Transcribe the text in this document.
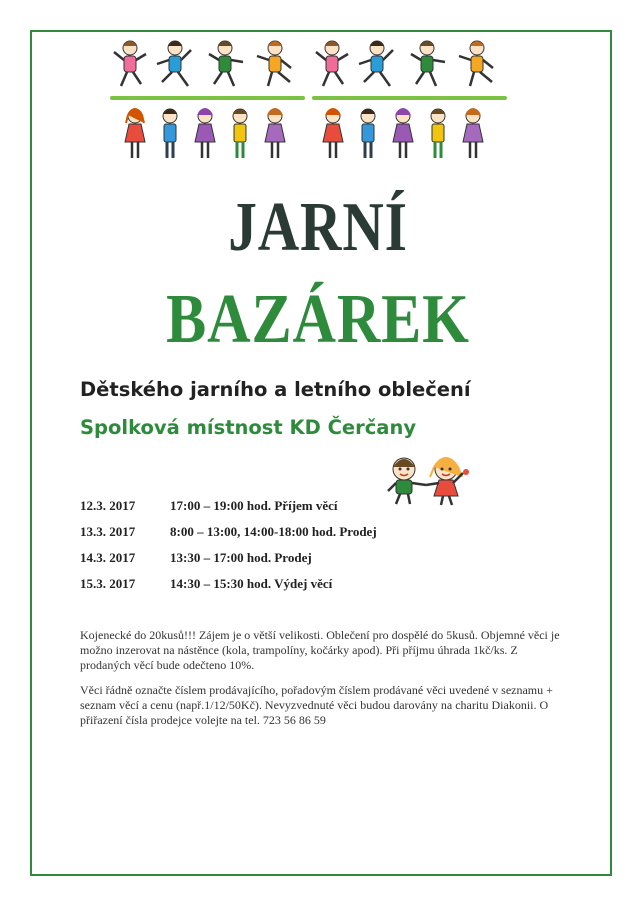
JARNÍ
BAZÁREK
Dětského jarního a letního oblečení
Spolková místnost KD Čerčany
12.3. 2017	17:00 – 19:00 hod. Příjem věcí
13.3. 2017	8:00 – 13:00, 14:00-18:00 hod. Prodej
14.3. 2017	13:30 – 17:00 hod. Prodej
15.3. 2017	14:30 – 15:30 hod. Výdej věcí

Kojenecké do 20kusů!!! Zájem je o větší velikosti. Oblečení pro dospělé do 5kusů. Objemné věci je možno inzerovat na nástěnce (kola, trampolíny, kočárky apod). Při příjmu úhrada 1kč/ks. Z prodaných věcí bude odečteno 10%.

Věci řádně označte číslem prodávajícího, pořadovým číslem prodávané věci uvedené v seznamu + seznam věcí a cenu (např.1/12/50Kč). Nevyzvednuté věci budou darovány na charitu Diakonii. O přiřazení čísla prodejce volejte na tel. 723 56 86 59
